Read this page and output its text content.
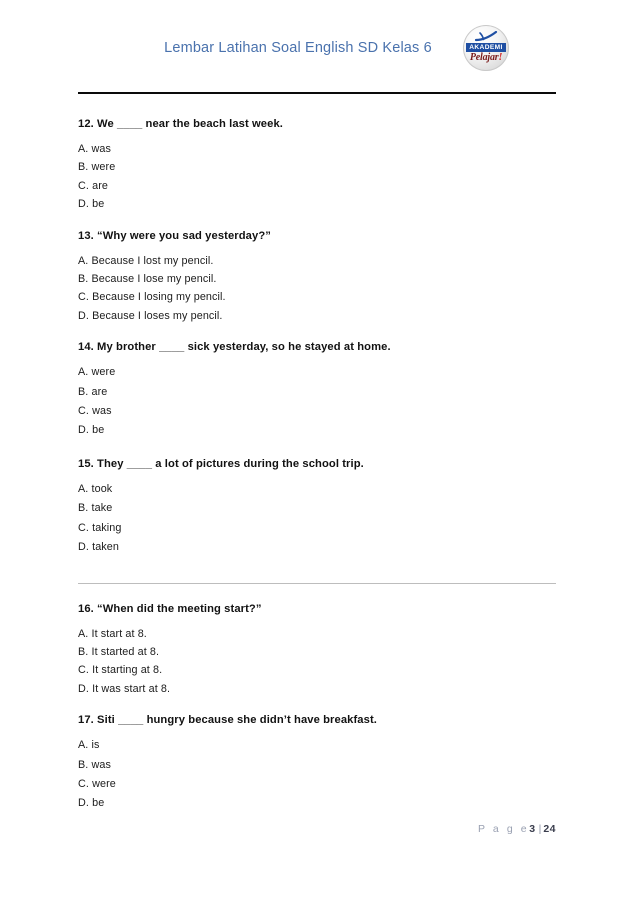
Lembar Latihan Soal English SD Kelas 6	AKADEMI
Pelajar!
12. We ____ near the beach last week.
A. was
B. were
C. are
D. be
13. “Why were you sad yesterday?”
A. Because I lost my pencil.
B. Because I lose my pencil.
C. Because I losing my pencil.
D. Because I loses my pencil.
14. My brother ____ sick yesterday, so he stayed at home.
A. were
B. are
C. was
D. be
15. They ____ a lot of pictures during the school trip.
A. took
B. take
C. taking
D. taken
16. “When did the meeting start?”
A. It start at 8.
B. It started at 8.
C. It starting at 8.
D. It was start at 8.
17. Siti ____ hungry because she didn’t have breakfast.
A. is
B. was
C. were
D. be
P a g e3 | 24
